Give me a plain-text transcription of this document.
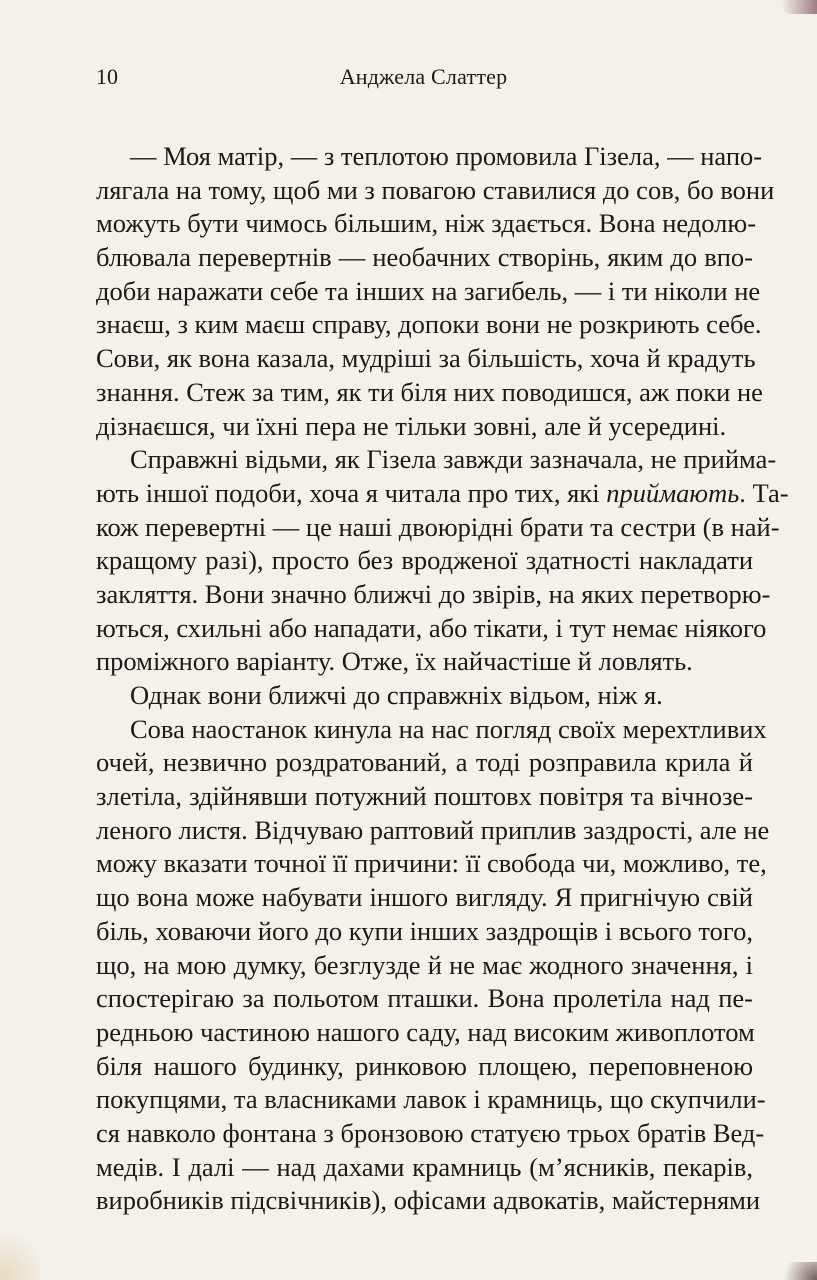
10	Анджела Слаттер
— Моя матір, — з теплотою промовила Гізела, — напо-
лягала на тому, щоб ми з повагою ставилися до сов, бо вони
можуть бути чимось більшим, ніж здається. Вона недолю-
блювала перевертнів — необачних створінь, яким до впо-
доби наражати себе та інших на загибель, — і ти ніколи не
знаєш, з ким маєш справу, допоки вони не розкриють себе.
Сови, як вона казала, мудріші за більшість, хоча й крадуть
знання. Стеж за тим, як ти біля них поводишся, аж поки не
дізнаєшся, чи їхні пера не тільки зовні, але й усередині.
Справжні відьми, як Гізела завжди зазначала, не прийма-
ють іншої подоби, хоча я читала про тих, які приймають. Та-
кож перевертні — це наші двоюрідні брати та сестри (в най-
кращому разі), просто без вродженої здатності накладати
закляття. Вони значно ближчі до звірів, на яких перетворю-
ються, схильні або нападати, або тікати, і тут немає ніякого
проміжного варіанту. Отже, їх найчастіше й ловлять.
Однак вони ближчі до справжніх відьом, ніж я.
Сова наостанок кинула на нас погляд своїх мерехтливих
очей, незвично роздратований, а тоді розправила крила й
злетіла, здійнявши потужний поштовх повітря та вічнозе-
леного листя. Відчуваю раптовий приплив заздрості, але не
можу вказати точної її причини: її свобода чи, можливо, те,
що вона може набувати іншого вигляду. Я пригнічую свій
біль, ховаючи його до купи інших заздрощів і всього того,
що, на мою думку, безглузде й не має жодного значення, і
спостерігаю за польотом пташки. Вона пролетіла над пе-
редньою частиною нашого саду, над високим живоплотом
біля нашого будинку, ринковою площею, переповненою
покупцями, та власниками лавок і крамниць, що скупчили-
ся навколо фонтана з бронзовою статуєю трьох братів Вед-
медів. І далі — над дахами крамниць (м’ясників, пекарів,
виробників підсвічників), офісами адвокатів, майстернями
